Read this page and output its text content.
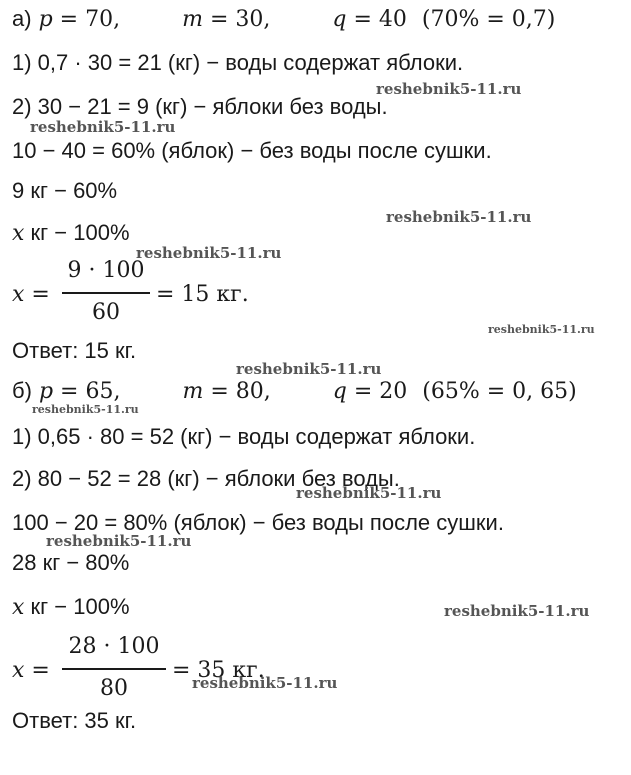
а) p = 70,	m = 30,	q = 40 (70% = 0,7)
1) 0,7 · 30 = 21 (кг) − воды содержат яблоки.
2) 30 − 21 = 9 (кг) − яблоки без воды.
10 − 40 = 60% (яблок) − без воды после сушки.
9 кг − 60%
x кг − 100%
x =
9 · 100
60
= 15 кг.
Ответ: 15 кг.
б) p = 65,	m = 80,	q = 20 (65% = 0, 65)
1) 0,65 · 80 = 52 (кг) − воды содержат яблоки.
2) 80 − 52 = 28 (кг) − яблоки без воды.
100 − 20 = 80% (яблок) − без воды после сушки.
28 кг − 80%
x кг − 100%
x =
28 · 100
80
= 35 кг.
Ответ: 35 кг.
reshebnik5-11.ru
reshebnik5-11.ru
reshebnik5-11.ru
reshebnik5-11.ru
reshebnik5-11.ru
reshebnik5-11.ru
reshebnik5-11.ru
reshebnik5-11.ru
reshebnik5-11.ru
reshebnik5-11.ru
reshebnik5-11.ru
